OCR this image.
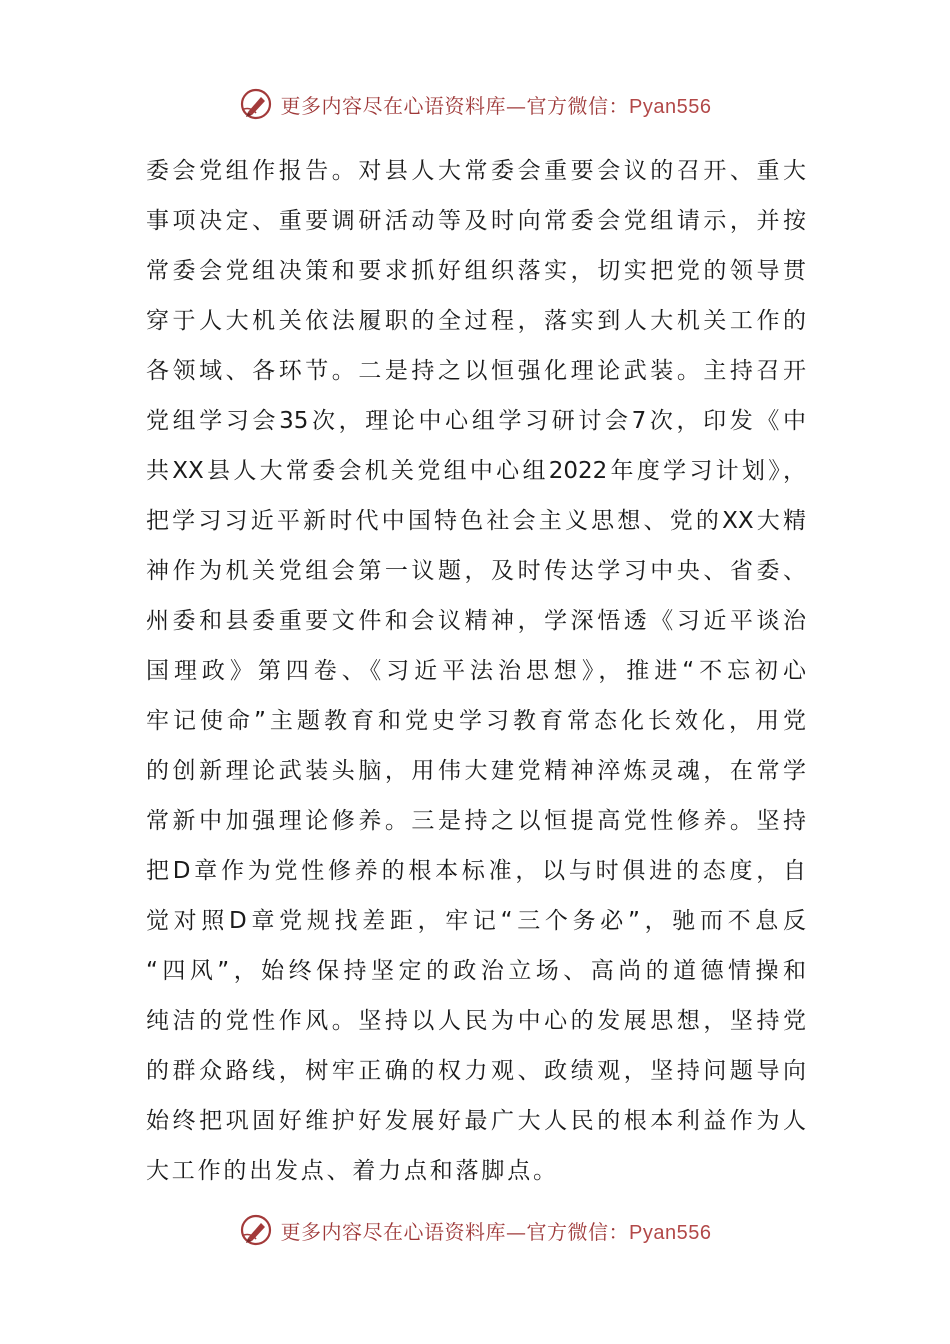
更多内容尽在心语资料库—官方微信：Pyan556
委会党组作报告。对县人大常委会重要会议的召开、重大
事项决定、重要调研活动等及时向常委会党组请示，并按
常委会党组决策和要求抓好组织落实，切实把党的领导贯
穿于人大机关依法履职的全过程，落实到人大机关工作的
各领域、各环节。二是持之以恒强化理论武装。主持召开
党组学习会35次，理论中心组学习研讨会7次，印发《中
共XX县人大常委会机关党组中心组2022年度学习计划》，
把学习习近平新时代中国特色社会主义思想、党的XX大精
神作为机关党组会第一议题，及时传达学习中央、省委、
州委和县委重要文件和会议精神，学深悟透《习近平谈治
国理政》第四卷、《习近平法治思想》，推进“不忘初心
牢记使命”主题教育和党史学习教育常态化长效化，用党
的创新理论武装头脑，用伟大建党精神淬炼灵魂，在常学
常新中加强理论修养。三是持之以恒提高党性修养。坚持
把D章作为党性修养的根本标准，以与时俱进的态度，自
觉对照D章党规找差距，牢记“三个务必”，驰而不息反
“四风”，始终保持坚定的政治立场、高尚的道德情操和
纯洁的党性作风。坚持以人民为中心的发展思想，坚持党
的群众路线，树牢正确的权力观、政绩观，坚持问题导向
始终把巩固好维护好发展好最广大人民的根本利益作为人
大工作的出发点、着力点和落脚点。
更多内容尽在心语资料库—官方微信：Pyan556
